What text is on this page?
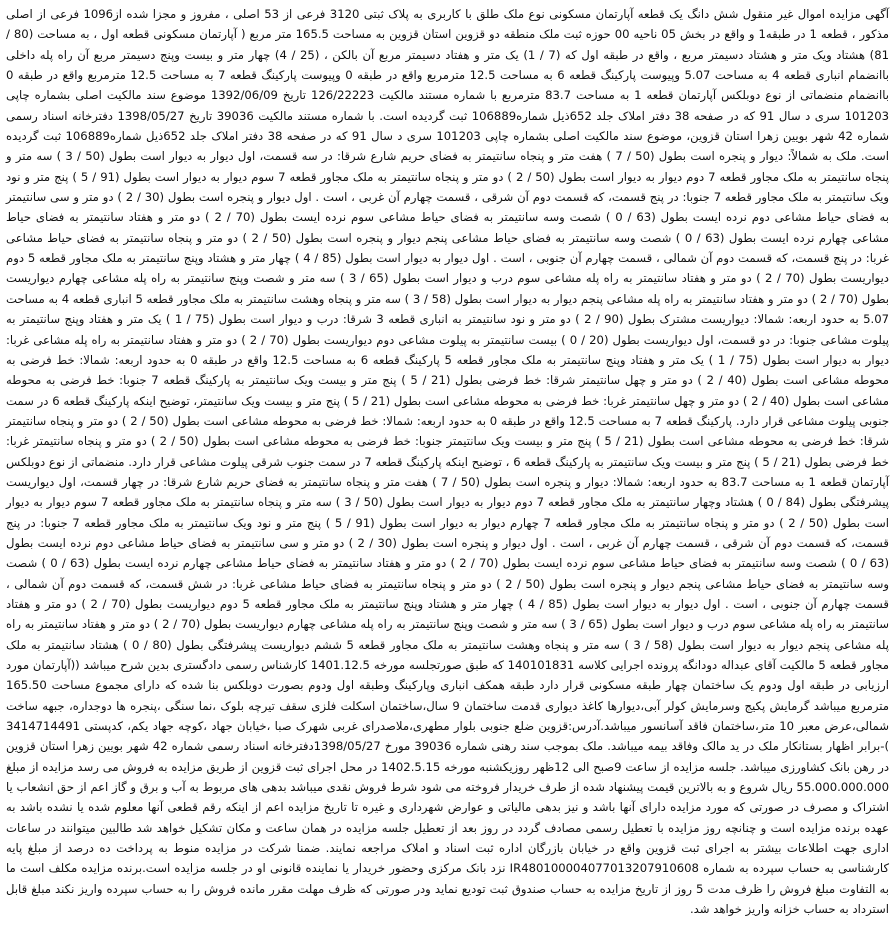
آگهی مزایده اموال غیر منقول شش دانگ یک قطعه آپارتمان مسکونی نوع ملک طلق با کاربری به پلاک ثبتی 3120 فرعی از 53 اصلی ، مفروز و مجزا شده از1096 فرعی از اصلی مذکور ، قطعه 1 در طبقه1 و واقع در بخش 05 ناحیه 00 حوزه ثبت ملک منطقه دو قزوین استان قزوین به مساحت 165.5 متر مربع ( آپارتمان مسکونی قطعه اول ، به مساحت (80 / 81) هشتاد ویک متر و هشتاد دسیمتر مربع ، واقع در طبقه اول که (7 / 1) یک متر و هفتاد دسیمتر مربع آن بالکن ، (25 / 4) چهار متر و بیست وپنج دسیمتر مربع آن راه پله داخلی باانضمام انباری قطعه 4 به مساحت 5.07 وپیوست پارکینگ قطعه 6 به مساحت 12.5 مترمربع واقع در طبقه 0 وپیوست پارکینگ قطعه 7 به مساحت 12.5 مترمربع واقع در طبقه 0 باانضمام منضماتی از نوع دوبلکس آپارتمان قطعه 1 به مساحت 83.7 مترمربع با شماره مستند مالکیت 126/22223 تاریخ 1392/06/09 موضوع سند مالکیت اصلی بشماره چاپی 101203 سری د سال 91 که در صفحه 38 دفتر املاک جلد 652ذیل شماره106889 ثبت گردیده است. با شماره مستند مالکیت 39036 تاریخ 1398/05/27 دفترخانه اسناد رسمی شماره 42 شهر بویین زهرا استان قزوین، موضوع سند مالکیت اصلی بشماره چاپی 101203 سری د سال 91 که در صفحه 38 دفتر املاک جلد 652ذیل شماره106889 ثبت گردیده است. ملک به شمالاً: دیوار و پنجره است بطول (50 / 7 ) هفت متر و پنجاه سانتیمتر به فضای حریم شارع شرقا: در سه قسمت، اول دیوار به دیوار است بطول (50 / 3 ) سه متر و پنجاه سانتیمتر به ملک مجاور قطعه 7 دوم دیوار به دیوار است بطول (50 / 2 ) دو متر و پنجاه سانتیمتر به ملک مجاور قطعه 7 سوم دیوار به دیوار است بطول (91 / 5 ) پنج متر و نود ویک سانتیمتر به ملک مجاور قطعه 7 جنوبا: در پنج قسمت، که قسمت دوم آن شرقی ، قسمت چهارم آن غربی ، است . اول دیوار و پنجره است بطول (30 / 2 ) دو متر و سی سانتیمتر به فضای حیاط مشاعی دوم نرده ایست بطول (63 / 0 ) شصت وسه سانتیمتر به فضای حیاط مشاعی سوم نرده ایست بطول (70 / 2 ) دو متر و هفتاد سانتیمتر به فضای حیاط مشاعی چهارم نرده ایست بطول (63 / 0 ) شصت وسه سانتیمتر به فضای حیاط مشاعی پنجم دیوار و پنجره است بطول (50 / 2 ) دو متر و پنجاه سانتیمتر به فضای حیاط مشاعی غربا: در پنج قسمت، که قسمت دوم آن شمالی ، قسمت چهارم آن جنوبی ، است . اول دیوار به دیوار است بطول (85 / 4 ) چهار متر و هشتاد وپنج سانتیمتر به ملک مجاور قطعه 5 دوم دیواریست بطول (70 / 2 ) دو متر و هفتاد سانتیمتر به راه پله مشاعی سوم درب و دیوار است بطول (65 / 3 ) سه متر و شصت وپنج سانتیمتر به راه پله مشاعی چهارم دیواریست بطول (70 / 2 ) دو متر و هفتاد سانتیمتر به راه پله مشاعی پنجم دیوار به دیوار است بطول (58 / 3 ) سه متر و پنجاه وهشت سانتیمتر به ملک مجاور قطعه 5 انباری قطعه 4 به مساحت 5.07 به حدود اربعه: شمالا: دیواریست مشترک بطول (90 / 2 ) دو متر و نود سانتیمتر به انباری قطعه 3 شرقا: درب و دیوار است بطول (75 / 1 ) یک متر و هفتاد وپنج سانتیمتر به پیلوت مشاعی جنوبا: در دو قسمت، اول دیواریست بطول (20 / 0 ) بیست سانتیمتر به پیلوت مشاعی دوم دیواریست بطول (70 / 2 ) دو متر و هفتاد سانتیمتر به راه پله مشاعی غربا: دیوار به دیوار است بطول (75 / 1 ) یک متر و هفتاد وپنج سانتیمتر به ملک مجاور قطعه 5 پارکینگ قطعه 6 به مساحت 12.5 واقع در طبقه 0 به حدود اربعه: شمالا: خط فرضی به محوطه مشاعی است بطول (40 / 2 ) دو متر و چهل سانتیمتر شرقا: خط فرضی بطول (21 / 5 ) پنج متر و بیست ویک سانتیمتر به پارکینگ قطعه 7 جنوبا: خط فرضی به محوطه مشاعی است بطول (40 / 2 ) دو متر و چهل سانتیمتر غربا: خط فرضی به محوطه مشاعی است بطول (21 / 5 ) پنج متر و بیست ویک سانتیمتر، توضیح اینکه پارکینگ قطعه 6 در سمت جنوبی پیلوت مشاعی قرار دارد. پارکینگ قطعه 7 به مساحت 12.5 واقع در طبقه 0 به حدود اربعه: شمالا: خط فرضی به محوطه مشاعی است بطول (50 / 2 ) دو متر و پنجاه سانتیمتر شرقا: خط فرضی به محوطه مشاعی است بطول (21 / 5 ) پنج متر و بیست ویک سانتیمتر جنوبا: خط فرضی به محوطه مشاعی است بطول (50 / 2 ) دو متر و پنجاه سانتیمتر غربا: خط فرضی بطول (21 / 5 ) پنج متر و بیست ویک سانتیمتر به پارکینگ قطعه 6 ، توضیح اینکه پارکینگ قطعه 7 در سمت جنوب شرقی پیلوت مشاعی قرار دارد. منضماتی از نوع دوبلکس آپارتمان قطعه 1 به مساحت 83.7 به حدود اربعه: شمالا: دیوار و پنجره است بطول (50 / 7 ) هفت متر و پنجاه سانتیمتر به فضای حریم شارع شرقا: در چهار قسمت، اول دیواریست پیشرفتگی بطول (84 / 0 ) هشتاد وچهار سانتیمتر به ملک مجاور قطعه 7 دوم دیوار به دیوار است بطول (50 / 3 ) سه متر و پنجاه سانتیمتر به ملک مجاور قطعه 7 سوم دیوار به دیوار است بطول (50 / 2 ) دو متر و پنجاه سانتیمتر به ملک مجاور قطعه 7 چهارم دیوار به دیوار است بطول (91 / 5 ) پنج متر و نود ویک سانتیمتر به ملک مجاور قطعه 7 جنوبا: در پنج قسمت، که قسمت دوم آن شرقی ، قسمت چهارم آن غربی ، است . اول دیوار و پنجره است بطول (30 / 2 ) دو متر و سی سانتیمتر به فضای حیاط مشاعی دوم نرده ایست بطول (63 / 0 ) شصت وسه سانتیمتر به فضای حیاط مشاعی سوم نرده ایست بطول (70 / 2 ) دو متر و هفتاد سانتیمتر به فضای حیاط مشاعی چهارم نرده ایست بطول (63 / 0 ) شصت وسه سانتیمتر به فضای حیاط مشاعی پنجم دیوار و پنجره است بطول (50 / 2 ) دو متر و پنجاه سانتیمتر به فضای حیاط مشاعی غربا: در شش قسمت، که قسمت دوم آن شمالی ، قسمت چهارم آن جنوبی ، است . اول دیوار به دیوار است بطول (85 / 4 ) چهار متر و هشتاد وپنج سانتیمتر به ملک مجاور قطعه 5 دوم دیواریست بطول (70 / 2 ) دو متر و هفتاد سانتیمتر به راه پله مشاعی سوم درب و دیوار است بطول (65 / 3 ) سه متر و شصت وپنج سانتیمتر به راه پله مشاعی چهارم دیواریست بطول (70 / 2 ) دو متر و هفتاد سانتیمتر به راه پله مشاعی پنجم دیوار به دیوار است بطول (58 / 3 ) سه متر و پنجاه وهشت سانتیمتر به ملک مجاور قطعه 5 ششم دیواریست پیشرفتگی بطول (80 / 0 ) هشتاد سانتیمتر به ملک مجاور قطعه 5 مالکیت آقای عبداله دودانگه پرونده اجرایی کلاسه 140101831 که طبق صورتجلسه مورخه 1401.12.5 کارشناس رسمی دادگستری بدین شرح میباشد ((آپارتمان مورد ارزیابی در طبقه اول ودوم یک ساختمان چهار طبقه مسکونی قرار دارد طبقه همکف انباری وپارکینگ وطبقه اول ودوم بصورت دوبلکس بنا شده که دارای مجموع مساحت 165.50 مترمربع میباشد گرمایش پکیج وسرمایش کولر آبی،دیوارها کاغذ دیواری قدمت ساختمان 9 سال،ساختمان اسکلت فلزی سقف تیرچه بلوک ،نما سنگی ،پنجره ها دوجداره، جبهه ساخت شمالی،عرض معبر 10 متر،ساختمان فاقد آسانسور میباشد.آدرس:قزوین ضلع جنوبی بلوار مطهری،ملاصدرای غربی شهرک صبا ،خیابان جهاد ،کوچه جهاد یکم، کدپستی 3414714491 )-برابر اظهار بستانکار ملک در ید مالک وفاقد بیمه میباشد. ملک بموجب سند رهنی شماره 39036 مورخ 1398/05/27دفترخانه اسناد رسمی شماره 42 شهر بویین زهرا استان قزوین در رهن بانک کشاورزی میباشد. جلسه مزایده از ساعت 9صبح الی 12ظهر روزیکشنبه مورخه 1402.5.15 در محل اجرای ثبت قزوین از طریق مزایده به فروش می رسد مزایده از مبلغ 55.000.000.000 ریال شروع و به بالاترین قیمت پیشنهاد شده از طرف خریدار فروخته می شود شرط فروش نقدی میباشد بدهی های مربوط به آب و برق و گاز اعم از حق انشعاب یا اشتراک و مصرف در صورتی که مورد مزایده دارای آنها باشد و نیز بدهی مالیاتی و عوارض شهرداری و غیره تا تاریخ مزایده اعم از اینکه رقم قطعی آنها معلوم شده یا نشده باشد به عهده برنده مزایده است و چنانچه روز مزایده با تعطیل رسمی مصادف گردد در روز بعد از تعطیل جلسه مزایده در همان ساعت و مکان تشکیل خواهد شد طالبین میتوانند در ساعات اداری جهت اطلاعات بیشتر به اجرای ثبت قزوین واقع در خیابان بازرگان اداره ثبت اسناد و املاک مراجعه نمایند. ضمنا شرکت در مزایده منوط به پرداخت ده درصد از مبلغ پایه کارشناسی به حساب سپرده به شماره IR480100004077013207910608 نزد بانک مرکزی وحضور خریدار یا نماینده قانونی او در جلسه مزایده است.برنده مزایده مکلف است ما به التفاوت مبلغ فروش را ظرف مدت 5 روز از تاریخ مزایده به حساب صندوق ثبت تودیع نماید ودر صورتی که ظرف مهلت مقرر مانده فروش را به حساب سپرده واریز نکند مبلغ قابل استرداد به حساب خزانه واریز خواهد شد.
